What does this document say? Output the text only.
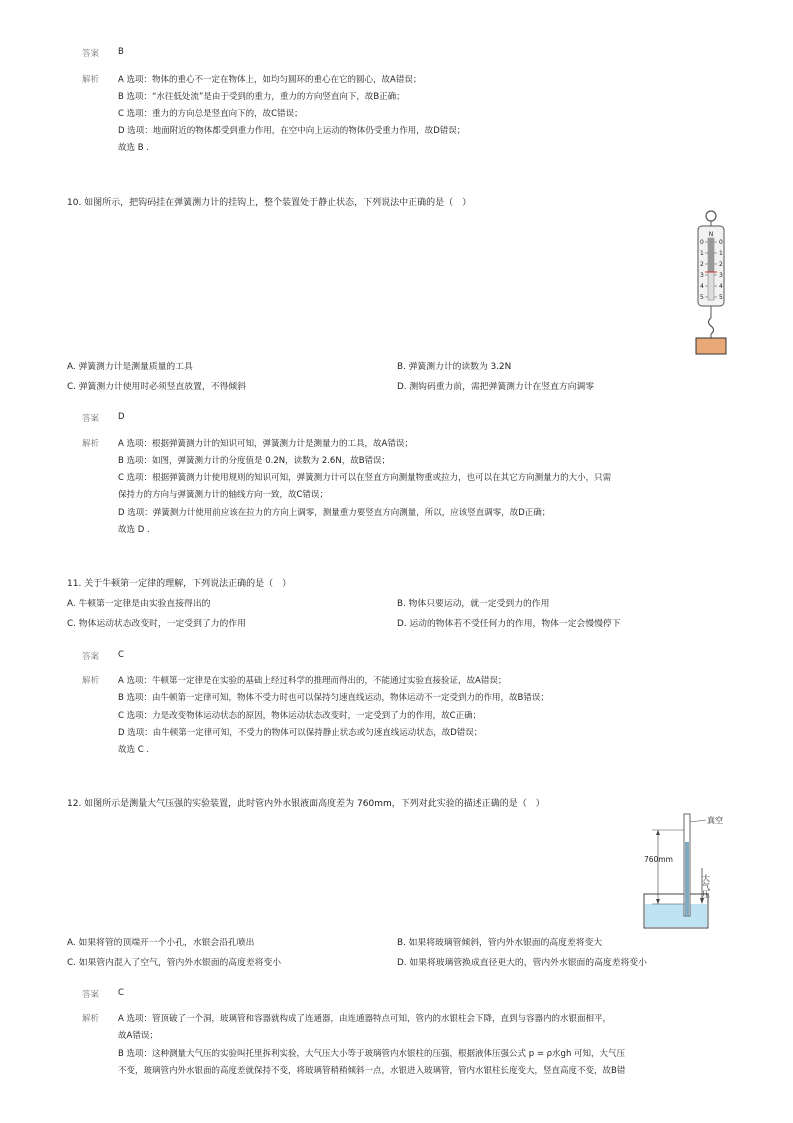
答案 B
解析 A 选项：物体的重心不一定在物体上，如均匀圆环的重心在它的圆心，故A错误；
B 选项：“水往低处流”是由于受到的重力，重力的方向竖直向下，故B正确；
C 选项：重力的方向总是竖直向下的，故C错误；
D 选项：地面附近的物体都受到重力作用，在空中向上运动的物体仍受重力作用，故D错误；
故选 B .
10. 如图所示，把钩码挂在弹簧测力计的挂钩上，整个装置处于静止状态，下列说法中正确的是（　）
N
0
1
2
3
4
5
0
1
2
3
4
5
A. 弹簧测力计是测量质量的工具	B. 弹簧测力计的读数为 3.2N
C. 弹簧测力计使用时必须竖直放置，不得倾斜	D. 测钩码重力前，需把弹簧测力计在竖直方向调零
答案 D
解析 A 选项：根据弹簧测力计的知识可知，弹簧测力计是测量力的工具，故A错误；
B 选项：如图，弹簧测力计的分度值是 0.2N，读数为 2.6N，故B错误；
C 选项：根据弹簧测力计使用规则的知识可知，弹簧测力计可以在竖直方向测量物重或拉力，也可以在其它方向测量力的大小，只需
保持力的方向与弹簧测力计的轴线方向一致，故C错误；
D 选项：弹簧测力计使用前应该在拉力的方向上调零，测量重力要竖直方向测量，所以，应该竖直调零，故D正确；
故选 D .
11. 关于牛顿第一定律的理解，下列说法正确的是（　）
A. 牛顿第一定律是由实验直接得出的	B. 物体只要运动，就一定受到力的作用
C. 物体运动状态改变时，一定受到了力的作用	D. 运动的物体若不受任何力的作用，物体一定会慢慢停下
答案 C
解析 A 选项：牛顿第一定律是在实验的基础上经过科学的推理而得出的，不能通过实验直接验证，故A错误；
B 选项：由牛顿第一定律可知，物体不受力时也可以保持匀速直线运动，物体运动不一定受到力的作用，故B错误；
C 选项：力是改变物体运动状态的原因，物体运动状态改变时，一定受到了力的作用，故C正确；
D 选项：由牛顿第一定律可知，不受力的物体可以保持静止状态或匀速直线运动状态，故D错误；
故选 C .
12. 如图所示是测量大气压强的实验装置，此时管内外水银液面高度差为 760mm，下列对此实验的描述正确的是（　）
真空
760mm
大气压
A. 如果将管的顶端开一个小孔，水银会沿孔喷出	B. 如果将玻璃管倾斜，管内外水银面的高度差将变大
C. 如果管内混入了空气，管内外水银面的高度差将变小	D. 如果将玻璃管换成直径更大的，管内外水银面的高度差将变小
答案 C
解析 A 选项：管顶破了一个洞，玻璃管和容器就构成了连通器，由连通器特点可知，管内的水银柱会下降，直到与容器内的水银面相平，
故A错误；
B 选项：这种测量大气压的实验叫托里拆利实验，大气压大小等于玻璃管内水银柱的压强，根据液体压强公式 p = ρ水gh 可知，大气压
不变，玻璃管内外水银面的高度差就保持不变，将玻璃管稍稍倾斜一点，水银进入玻璃管，管内水银柱长度变大，竖直高度不变，故B错
